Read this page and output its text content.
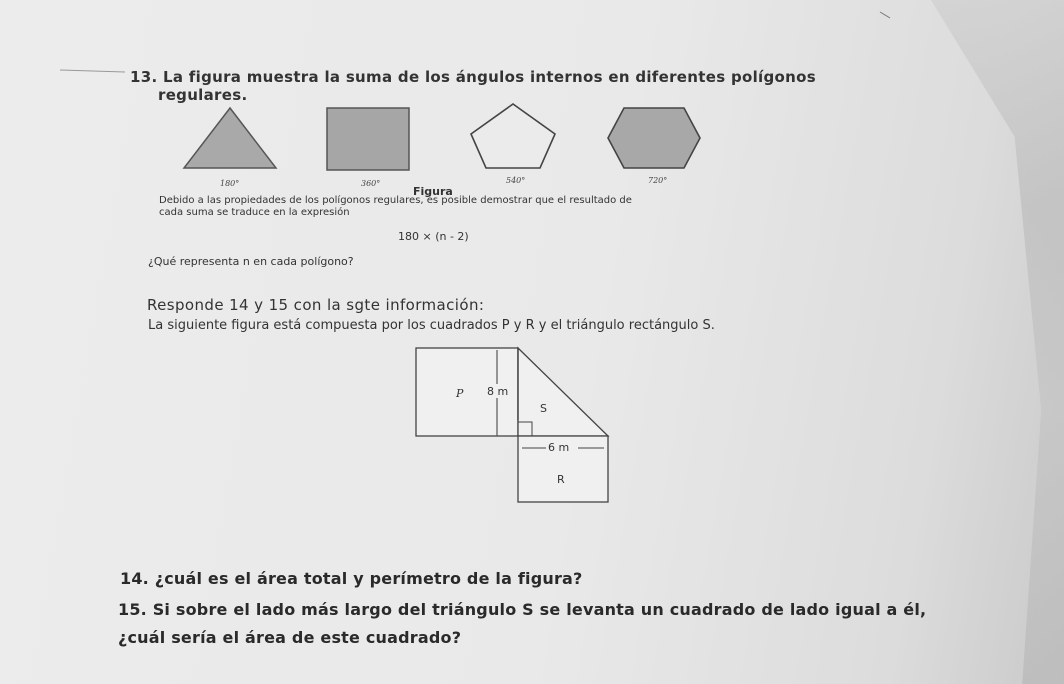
13. La figura muestra la suma de los ángulos internos en diferentes polígonos
regulares.
180°	360°	540°	720°
Figura
Debido a las propiedades de los polígonos regulares, es posible demostrar que el resultado de
cada suma se traduce en la expresión
180 × (n - 2)
¿Qué representa n en cada polígono?
Responde 14 y 15 con la sgte información:
La siguiente figura está compuesta por los cuadrados P y R y el triángulo rectángulo S.
P 8 m
S
6 m
R
14. ¿cuál es el área total y perímetro de la figura?
15. Si sobre el lado más largo del triángulo S se levanta un cuadrado de lado igual a él,
¿cuál sería el área de este cuadrado?
